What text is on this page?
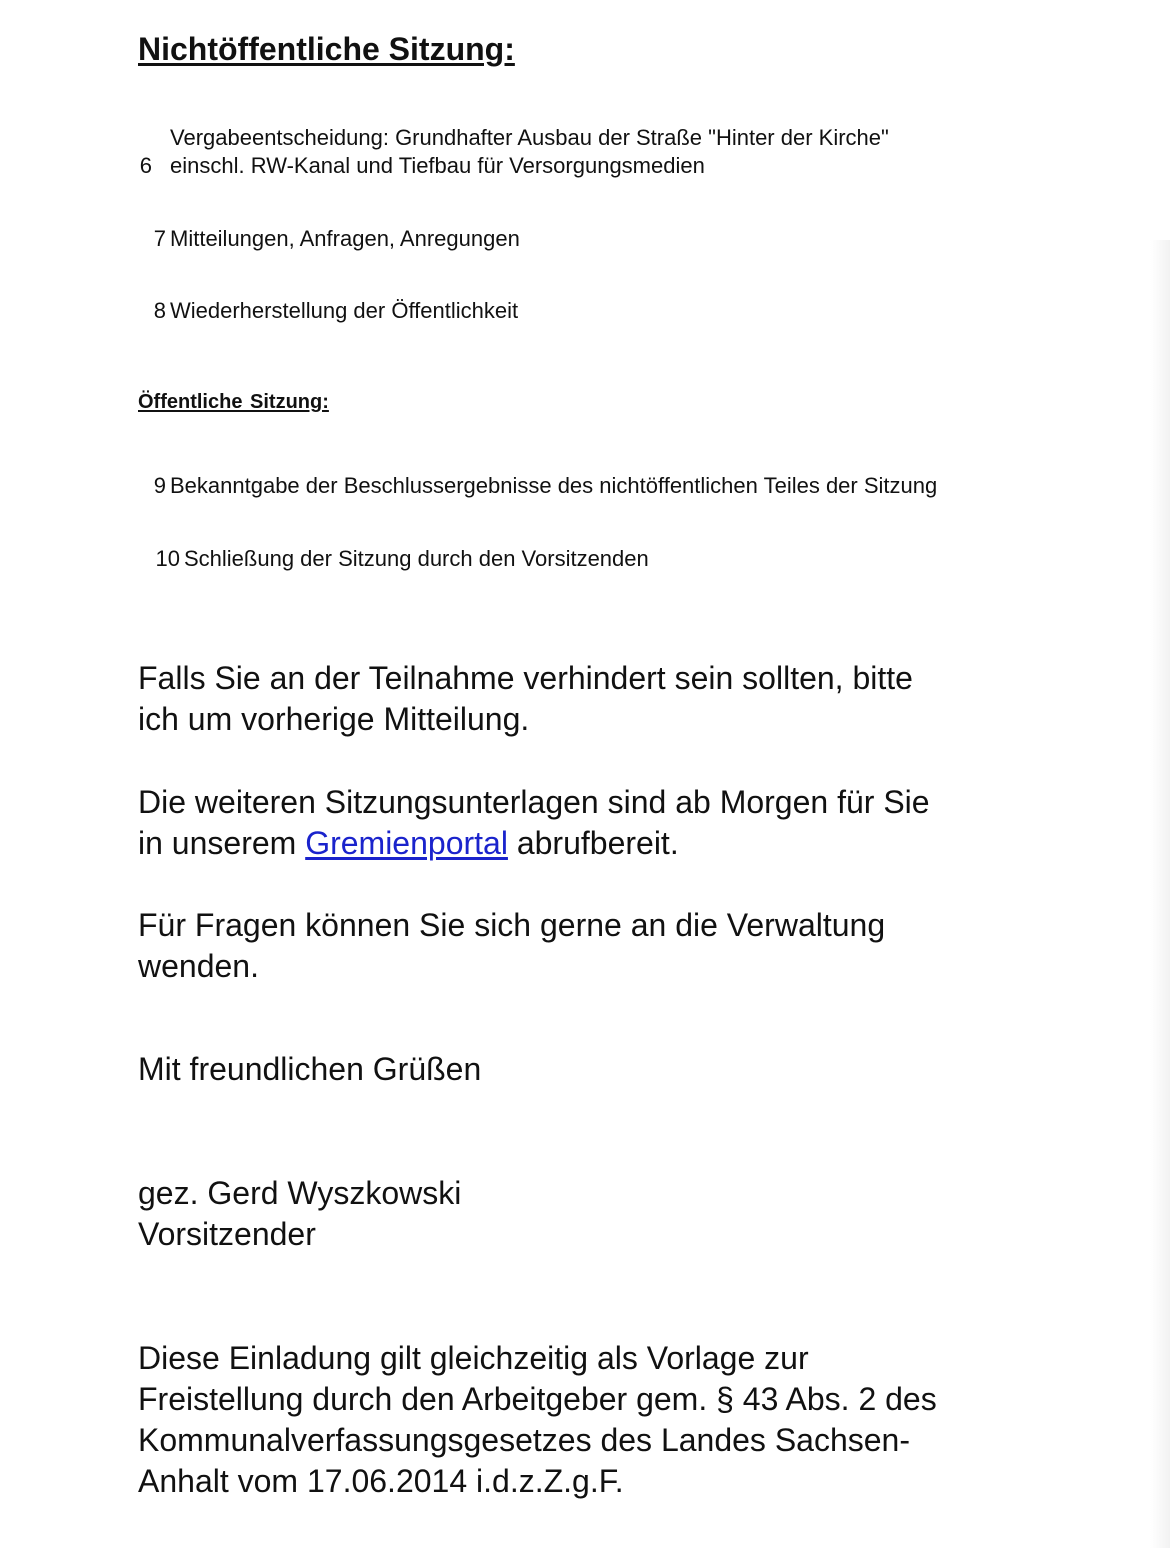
Nichtöffentliche Sitzung:
6
Vergabeentscheidung: Grundhafter Ausbau der Straße "Hinter der Kirche"
einschl. RW-Kanal und Tiefbau für Versorgungsmedien
7 Mitteilungen, Anfragen, Anregungen
8 Wiederherstellung der Öffentlichkeit
Öffentliche Sitzung:
9 Bekanntgabe der Beschlussergebnisse des nichtöffentlichen Teiles der Sitzung
10 Schließung der Sitzung durch den Vorsitzenden

Falls Sie an der Teilnahme verhindert sein sollten, bitte
ich um vorherige Mitteilung.

Die weiteren Sitzungsunterlagen sind ab Morgen für Sie
in unserem Gremienportal abrufbereit.

Für Fragen können Sie sich gerne an die Verwaltung
wenden.

Mit freundlichen Grüßen

gez. Gerd Wyszkowski
Vorsitzender

Diese Einladung gilt gleichzeitig als Vorlage zur
Freistellung durch den Arbeitgeber gem. § 43 Abs. 2 des
Kommunalverfassungsgesetzes des Landes Sachsen-
Anhalt vom 17.06.2014 i.d.z.Z.g.F.
